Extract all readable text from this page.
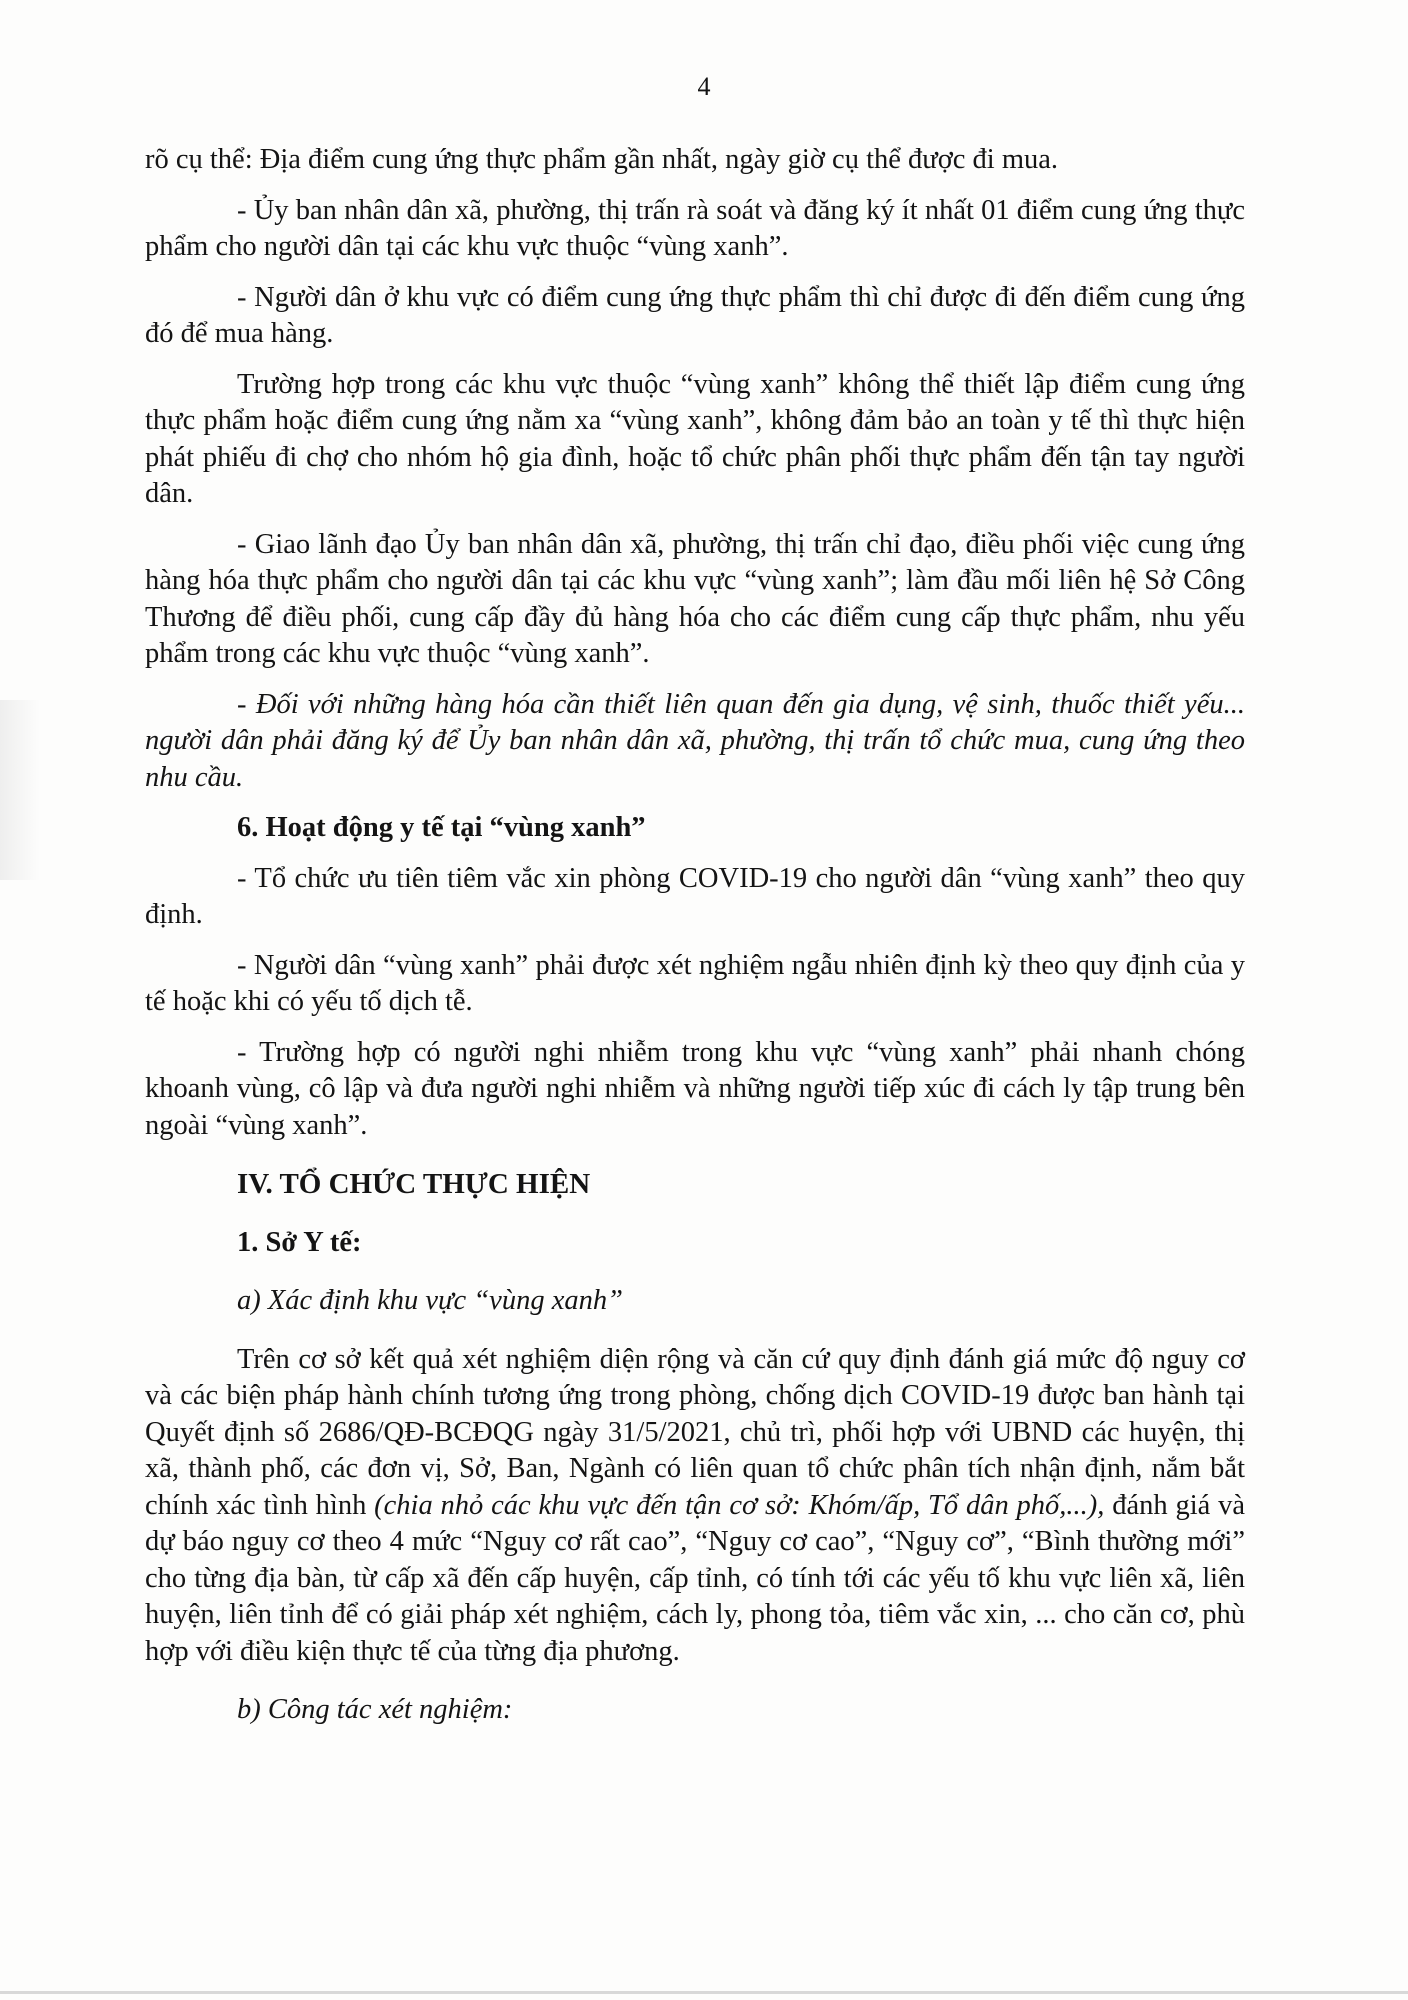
4

rõ cụ thể: Địa điểm cung ứng thực phẩm gần nhất, ngày giờ cụ thể được đi mua.

- Ủy ban nhân dân xã, phường, thị trấn rà soát và đăng ký ít nhất 01 điểm cung ứng thực phẩm cho người dân tại các khu vực thuộc “vùng xanh”.

- Người dân ở khu vực có điểm cung ứng thực phẩm thì chỉ được đi đến điểm cung ứng đó để mua hàng.

Trường hợp trong các khu vực thuộc “vùng xanh” không thể thiết lập điểm cung ứng thực phẩm hoặc điểm cung ứng nằm xa “vùng xanh”, không đảm bảo an toàn y tế thì thực hiện phát phiếu đi chợ cho nhóm hộ gia đình, hoặc tổ chức phân phối thực phẩm đến tận tay người dân.

- Giao lãnh đạo Ủy ban nhân dân xã, phường, thị trấn chỉ đạo, điều phối việc cung ứng hàng hóa thực phẩm cho người dân tại các khu vực “vùng xanh”; làm đầu mối liên hệ Sở Công Thương để điều phối, cung cấp đầy đủ hàng hóa cho các điểm cung cấp thực phẩm, nhu yếu phẩm trong các khu vực thuộc “vùng xanh”.

- Đối với những hàng hóa cần thiết liên quan đến gia dụng, vệ sinh, thuốc thiết yếu... người dân phải đăng ký để Ủy ban nhân dân xã, phường, thị trấn tổ chức mua, cung ứng theo nhu cầu.

6. Hoạt động y tế tại “vùng xanh”

- Tổ chức ưu tiên tiêm vắc xin phòng COVID-19 cho người dân “vùng xanh” theo quy định.

- Người dân “vùng xanh” phải được xét nghiệm ngẫu nhiên định kỳ theo quy định của y tế hoặc khi có yếu tố dịch tễ.

- Trường hợp có người nghi nhiễm trong khu vực “vùng xanh” phải nhanh chóng khoanh vùng, cô lập và đưa người nghi nhiễm và những người tiếp xúc đi cách ly tập trung bên ngoài “vùng xanh”.

IV. TỔ CHỨC THỰC HIỆN

1. Sở Y tế:

a) Xác định khu vực “vùng xanh”

Trên cơ sở kết quả xét nghiệm diện rộng và căn cứ quy định đánh giá mức độ nguy cơ và các biện pháp hành chính tương ứng trong phòng, chống dịch COVID-19 được ban hành tại Quyết định số 2686/QĐ-BCĐQG ngày 31/5/2021, chủ trì, phối hợp với UBND các huyện, thị xã, thành phố, các đơn vị, Sở, Ban, Ngành có liên quan tổ chức phân tích nhận định, nắm bắt chính xác tình hình (chia nhỏ các khu vực đến tận cơ sở: Khóm/ấp, Tổ dân phố,...), đánh giá và dự báo nguy cơ theo 4 mức “Nguy cơ rất cao”, “Nguy cơ cao”, “Nguy cơ”, “Bình thường mới” cho từng địa bàn, từ cấp xã đến cấp huyện, cấp tỉnh, có tính tới các yếu tố khu vực liên xã, liên huyện, liên tỉnh để có giải pháp xét nghiệm, cách ly, phong tỏa, tiêm vắc xin, ... cho căn cơ, phù hợp với điều kiện thực tế của từng địa phương.

b) Công tác xét nghiệm:
